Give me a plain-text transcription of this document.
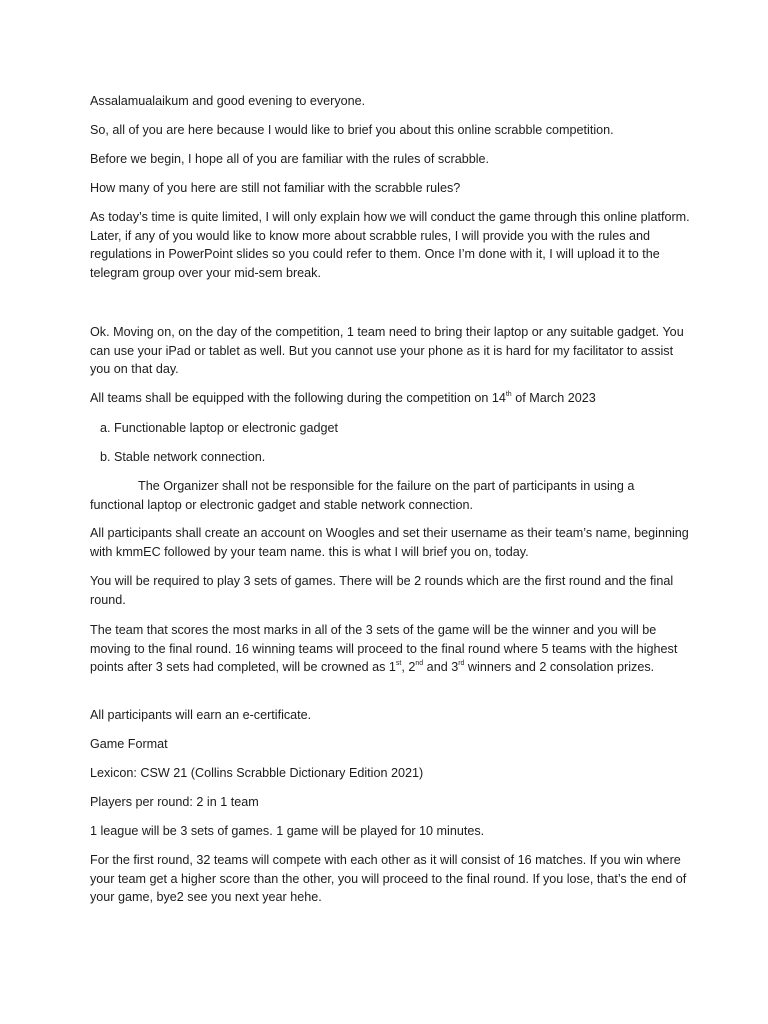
Assalamualaikum and good evening to everyone.

So, all of you are here because I would like to brief you about this online scrabble competition.

Before we begin, I hope all of you are familiar with the rules of scrabble.

How many of you here are still not familiar with the scrabble rules?

As today’s time is quite limited, I will only explain how we will conduct the game through this online platform. Later, if any of you would like to know more about scrabble rules, I will provide you with the rules and regulations in PowerPoint slides so you could refer to them. Once I’m done with it, I will upload it to the telegram group over your mid-sem break.

Ok. Moving on, on the day of the competition, 1 team need to bring their laptop or any suitable gadget. You can use your iPad or tablet as well. But you cannot use your phone as it is hard for my facilitator to assist you on that day.

All teams shall be equipped with the following during the competition on 14th of March 2023

a. Functionable laptop or electronic gadget
b. Stable network connection.

The Organizer shall not be responsible for the failure on the part of participants in using a functional laptop or electronic gadget and stable network connection.

All participants shall create an account on Woogles and set their username as their team’s name, beginning with kmmEC followed by your team name. this is what I will brief you on, today.

You will be required to play 3 sets of games. There will be 2 rounds which are the first round and the final round.

The team that scores the most marks in all of the 3 sets of the game will be the winner and you will be moving to the final round. 16 winning teams will proceed to the final round where 5 teams with the highest points after 3 sets had completed, will be crowned as 1st, 2nd and 3rd winners and 2 consolation prizes.

All participants will earn an e-certificate.

Game Format

Lexicon: CSW 21 (Collins Scrabble Dictionary Edition 2021)

Players per round: 2 in 1 team

1 league will be 3 sets of games. 1 game will be played for 10 minutes.

For the first round, 32 teams will compete with each other as it will consist of 16 matches. If you win where your team get a higher score than the other, you will proceed to the final round. If you lose, that’s the end of your game, bye2 see you next year hehe.
